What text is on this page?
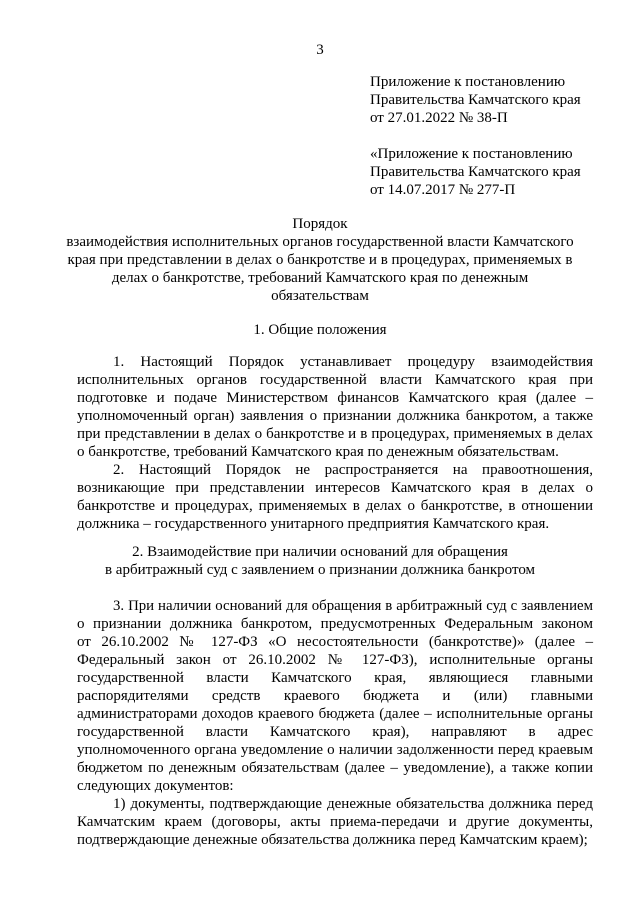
3
Приложение к постановлению
Правительства Камчатского края
от 27.01.2022 № 38-П
«Приложение к постановлению
Правительства Камчатского края
от 14.07.2017 № 277-П
Порядок
взаимодействия исполнительных органов государственной власти Камчатского
края при представлении в делах о банкротстве и в процедурах, применяемых в
делах о банкротстве, требований Камчатского края по денежным
обязательствам
1. Общие положения
1. Настоящий Порядок устанавливает процедуру взаимодействия
исполнительных органов государственной власти Камчатского края при
подготовке и подаче Министерством финансов Камчатского края (далее –
уполномоченный орган) заявления о признании должника банкротом, а также
при представлении в делах о банкротстве и в процедурах, применяемых в делах
о банкротстве, требований Камчатского края по денежным обязательствам.
2. Настоящий Порядок не распространяется на правоотношения,
возникающие при представлении интересов Камчатского края в делах о
банкротстве и процедурах, применяемых в делах о банкротстве, в отношении
должника – государственного унитарного предприятия Камчатского края.
2. Взаимодействие при наличии оснований для обращения
в арбитражный суд с заявлением о признании должника банкротом
3. При наличии оснований для обращения в арбитражный суд с заявлением
о признании должника банкротом, предусмотренных Федеральным законом
от 26.10.2002 № 127-ФЗ «О несостоятельности (банкротстве)» (далее –
Федеральный закон от 26.10.2002 № 127-ФЗ), исполнительные органы
государственной власти Камчатского края, являющиеся главными
распорядителями средств краевого бюджета и (или) главными
администраторами доходов краевого бюджета (далее – исполнительные органы
государственной власти Камчатского края), направляют в адрес
уполномоченного органа уведомление о наличии задолженности перед краевым
бюджетом по денежным обязательствам (далее – уведомление), а также копии
следующих документов:
1) документы, подтверждающие денежные обязательства должника перед
Камчатским краем (договоры, акты приема-передачи и другие документы,
подтверждающие денежные обязательства должника перед Камчатским краем);
